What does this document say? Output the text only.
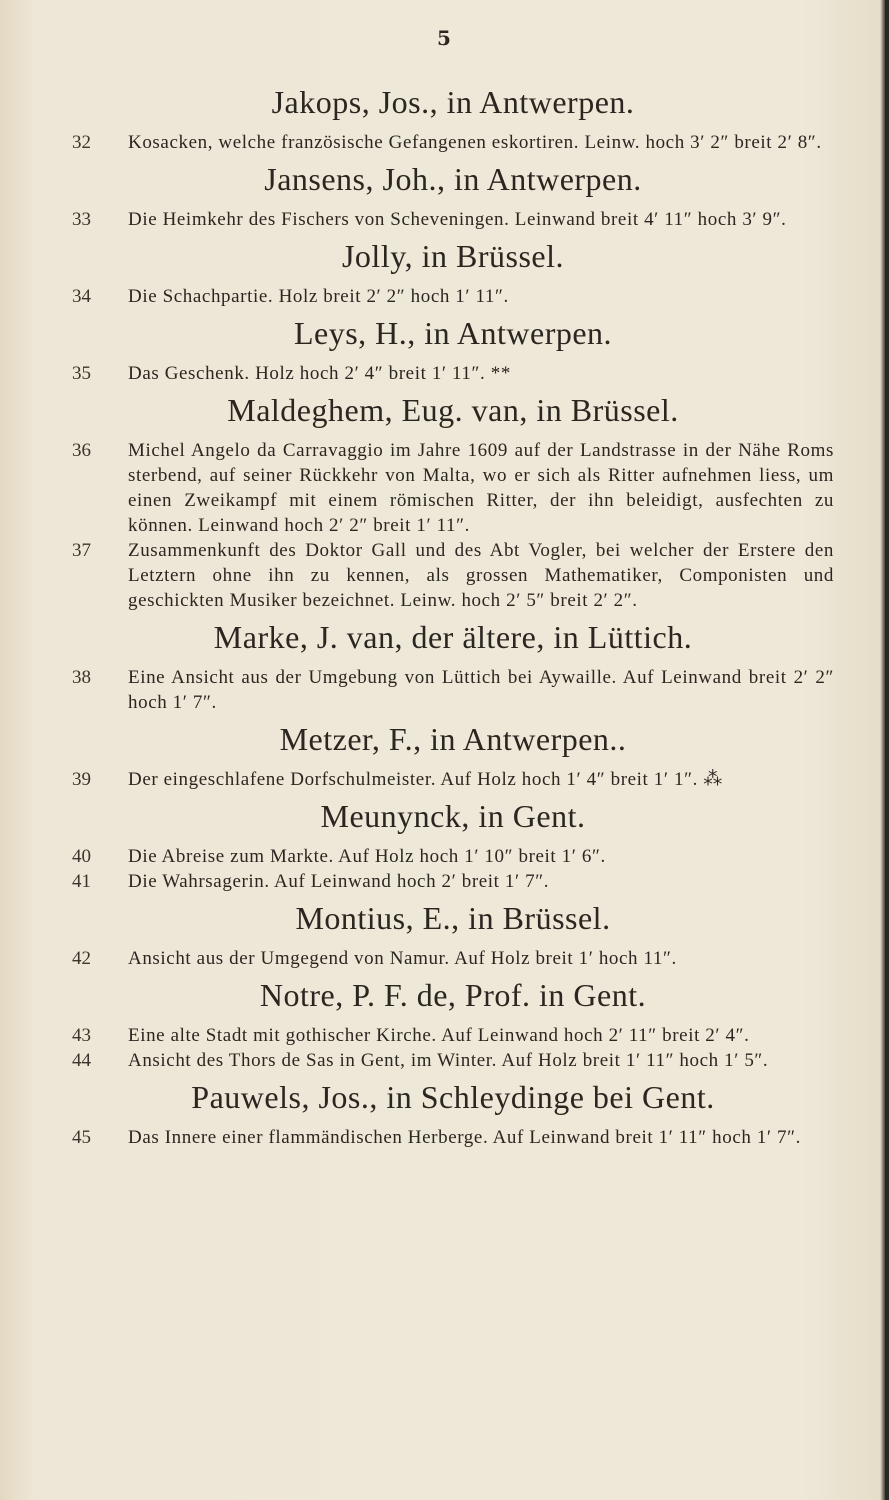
5
Jakops, Jos., in Antwerpen.
32	Kosacken, welche französische Gefangenen eskortiren. Leinw. hoch 3′ 2″ breit 2′ 8″.
Jansens, Joh., in Antwerpen.
33	Die Heimkehr des Fischers von Scheveningen. Leinwand breit 4′ 11″ hoch 3′ 9″.
Jolly, in Brüssel.
34	Die Schachpartie. Holz breit 2′ 2″ hoch 1′ 11″.
Leys, H., in Antwerpen.
35	Das Geschenk. Holz hoch 2′ 4″ breit 1′ 11″. **
Maldeghem, Eug. van, in Brüssel.
36	Michel Angelo da Carravaggio im Jahre 1609 auf der Landstrasse in der Nähe Roms sterbend, auf seiner Rückkehr von Malta, wo er sich als Ritter aufnehmen liess, um einen Zweikampf mit einem römischen Ritter, der ihn beleidigt, ausfechten zu können. Leinwand hoch 2′ 2″ breit 1′ 11″.
37	Zusammenkunft des Doktor Gall und des Abt Vogler, bei welcher der Erstere den Letztern ohne ihn zu kennen, als grossen Mathematiker, Componisten und geschickten Musiker bezeichnet. Leinw. hoch 2′ 5″ breit 2′ 2″.
Marke, J. van, der ältere, in Lüttich.
38	Eine Ansicht aus der Umgebung von Lüttich bei Aywaille. Auf Leinwand breit 2′ 2″ hoch 1′ 7″.
Metzer, F., in Antwerpen..
39	Der eingeschlafene Dorfschulmeister. Auf Holz hoch 1′ 4″ breit 1′ 1″. ⁂
Meunynck, in Gent.
40	Die Abreise zum Markte. Auf Holz hoch 1′ 10″ breit 1′ 6″.
41	Die Wahrsagerin. Auf Leinwand hoch 2′ breit 1′ 7″.
Montius, E., in Brüssel.
42	Ansicht aus der Umgegend von Namur. Auf Holz breit 1′ hoch 11″.
Notre, P. F. de, Prof. in Gent.
43	Eine alte Stadt mit gothischer Kirche. Auf Leinwand hoch 2′ 11″ breit 2′ 4″.
44	Ansicht des Thors de Sas in Gent, im Winter. Auf Holz breit 1′ 11″ hoch 1′ 5″.
Pauwels, Jos., in Schleydinge bei Gent.
45	Das Innere einer flammändischen Herberge. Auf Leinwand breit 1′ 11″ hoch 1′ 7″.
